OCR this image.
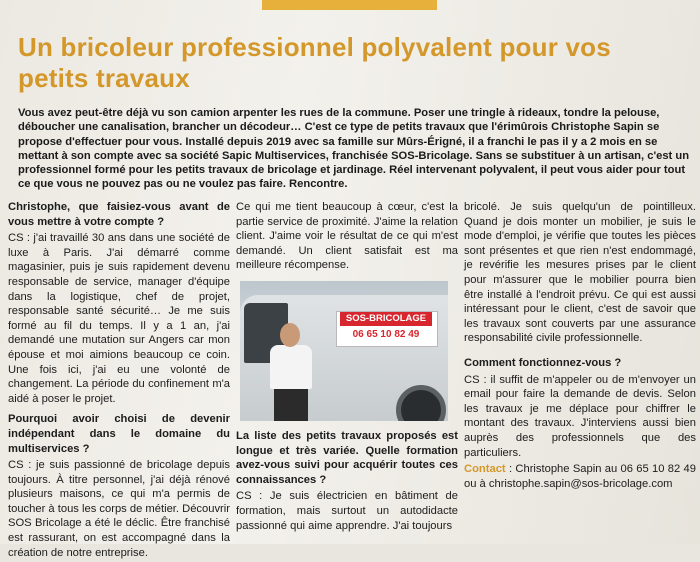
Un bricoleur professionnel polyvalent pour vos petits travaux
Vous avez peut-être déjà vu son camion arpenter les rues de la commune. Poser une tringle à rideaux, tondre la pelouse, déboucher une canalisation, brancher un décodeur… C'est ce type de petits travaux que l'érimûrois Christophe Sapin se propose d'effectuer pour vous. Installé depuis 2019 avec sa famille sur Mûrs-Érigné, il a franchi le pas il y a 2 mois en se mettant à son compte avec sa société Sapic Multiservices, franchisée SOS-Bricolage. Sans se substituer à un artisan, c'est un professionnel formé pour les petits travaux de bricolage et jardinage. Réel intervenant polyvalent, il peut vous aider pour tout ce que vous ne pouvez pas ou ne voulez pas faire. Rencontre.

Christophe, que faisiez-vous avant de vous mettre à votre compte ?

CS : j'ai travaillé 30 ans dans une société de luxe à Paris. J'ai démarré comme magasinier, puis je suis rapidement devenu responsable de service, manager d'équipe dans la logistique, chef de projet, responsable santé sécurité… Je me suis formé au fil du temps. Il y a 1 an, j'ai demandé une mutation sur Angers car mon épouse et moi aimions beaucoup ce coin. Une fois ici, j'ai eu une volonté de changement. La période du confinement m'a aidé à poser le projet.

Pourquoi avoir choisi de devenir indépendant dans le domaine du multiservices ?

CS : je suis passionné de bricolage depuis toujours. À titre personnel, j'ai déjà rénové plusieurs maisons, ce qui m'a permis de toucher à tous les corps de métier. Découvrir SOS Bricolage a été le déclic. Être franchisé est rassurant, on est accompagné dans la création de notre entreprise.

Ce qui me tient beaucoup à cœur, c'est la partie service de proximité. J'aime la relation client. J'aime voir le résultat de ce qui m'est demandé. Un client satisfait est ma meilleure récompense.

SOS-BRICOLAGE
06 65 10 82 49

La liste des petits travaux proposés est longue et très variée. Quelle formation avez-vous suivi pour acquérir toutes ces connaissances ?

CS : Je suis électricien en bâtiment de formation, mais surtout un autodidacte passionné qui aime apprendre. J'ai toujours

bricolé. Je suis quelqu'un de pointilleux. Quand je dois monter un mobilier, je suis le mode d'emploi, je vérifie que toutes les pièces sont présentes et que rien n'est endommagé, je revérifie les mesures prises par le client pour m'assurer que le mobilier pourra bien être installé à l'endroit prévu. Ce qui est aussi intéressant pour le client, c'est de savoir que les travaux sont couverts par une assurance responsabilité civile professionnelle.

Comment fonctionnez-vous ?

CS : il suffit de m'appeler ou de m'envoyer un email pour faire la demande de devis. Selon les travaux je me déplace pour chiffrer le montant des travaux. J'interviens aussi bien auprès des professionnels que des particuliers.

Contact : Christophe Sapin au 06 65 10 82 49 ou à christophe.sapin@sos-bricolage.com
